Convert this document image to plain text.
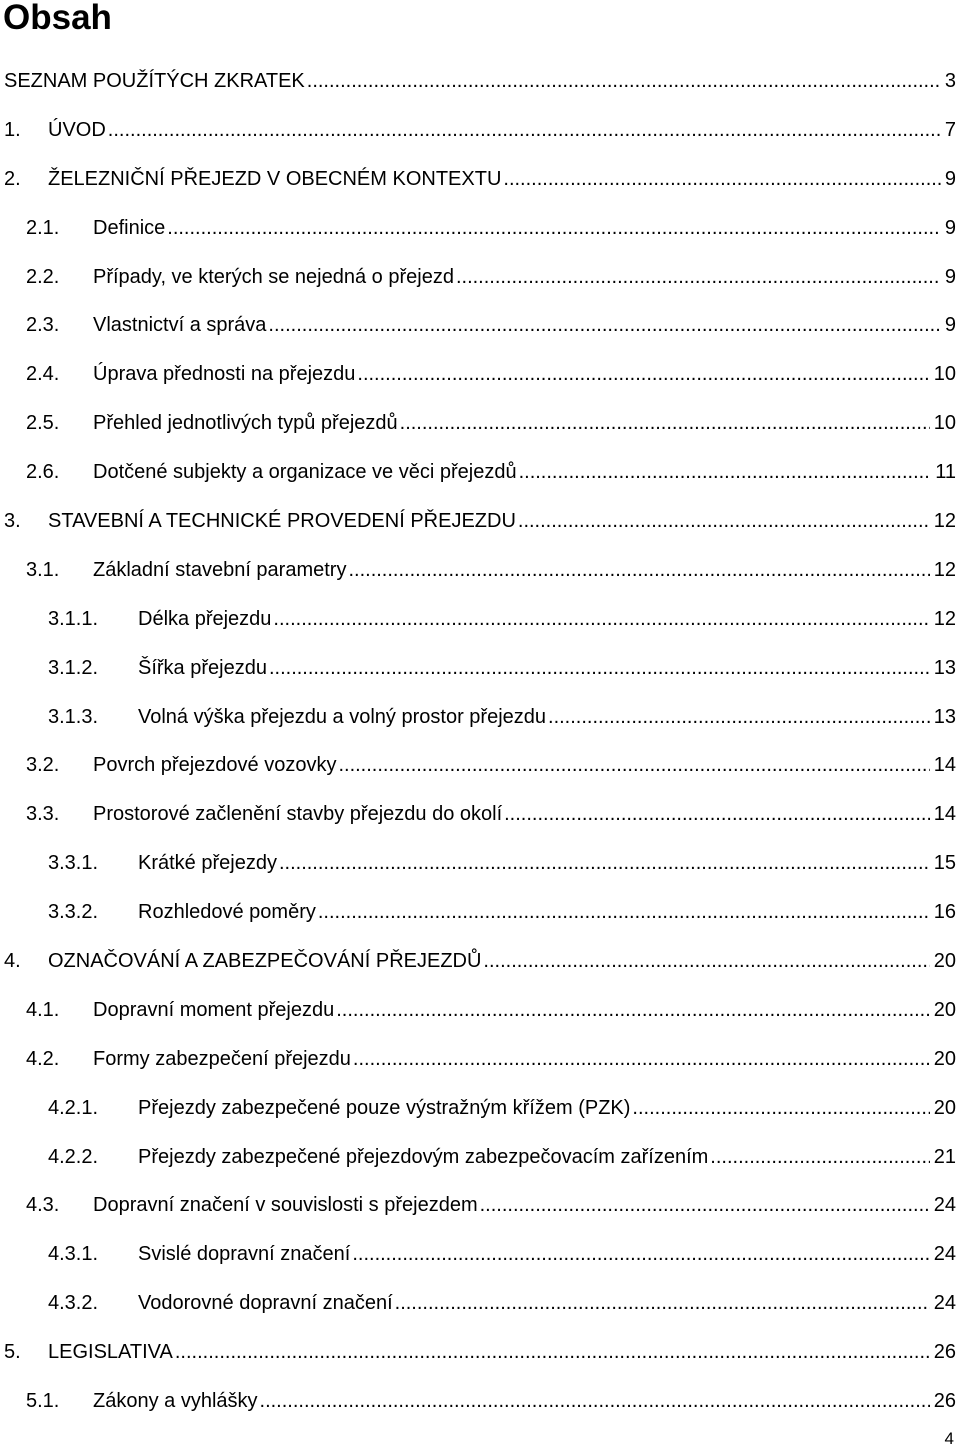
Obsah
SEZNAM POUŽÍTÝCH ZKRATEK .....	3
1. ÚVOD .....	7
2. ŽELEZNIČNÍ PŘEJEZD V OBECNÉM KONTEXTU .....	9
2.1. Definice .....	9
2.2. Případy, ve kterých se nejedná o přejezd .....	9
2.3. Vlastnictví a správa .....	9
2.4. Úprava přednosti na přejezdu .....	10
2.5. Přehled jednotlivých typů přejezdů .....	10
2.6. Dotčené subjekty a organizace ve věci přejezdů .....	11
3. STAVEBNÍ A TECHNICKÉ PROVEDENÍ PŘEJEZDU .....	12
3.1. Základní stavební parametry .....	12
3.1.1. Délka přejezdu .....	12
3.1.2. Šířka přejezdu .....	13
3.1.3. Volná výška přejezdu a volný prostor přejezdu .....	13
3.2. Povrch přejezdové vozovky .....	14
3.3. Prostorové začlenění stavby přejezdu do okolí .....	14
3.3.1. Krátké přejezdy .....	15
3.3.2. Rozhledové poměry .....	16
4. OZNAČOVÁNÍ A ZABEZPEČOVÁNÍ PŘEJEZDŮ .....	20
4.1. Dopravní moment přejezdu .....	20
4.2. Formy zabezpečení přejezdu .....	20
4.2.1. Přejezdy zabezpečené pouze výstražným křížem (PZK) .....	20
4.2.2. Přejezdy zabezpečené přejezdovým zabezpečovacím zařízením .....	21
4.3. Dopravní značení v souvislosti s přejezdem .....	24
4.3.1. Svislé dopravní značení .....	24
4.3.2. Vodorovné dopravní značení .....	24
5. LEGISLATIVA .....	26
5.1. Zákony a vyhlášky .....	26
4
